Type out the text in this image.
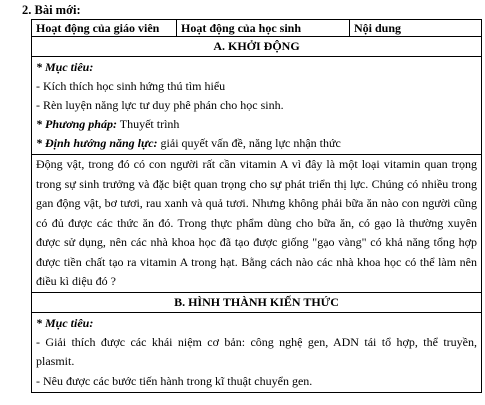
2. Bài mới:
Hoạt động của giáo viên	Hoạt động của học sinh	Nội dung
A. KHỞI ĐỘNG

* Mục tiêu:

- Kích thích học sinh hứng thú tìm hiểu

- Rèn luyện năng lực tư duy phê phán cho học sinh.

* Phương pháp: Thuyết trình

* Định hướng năng lực: giải quyết vấn đề, năng lực nhận thức

Động vật, trong đó có con người rất cần vitamin A vì đây là một loại vitamin quan trọng trong sự sinh trưởng và đặc biệt quan trọng cho sự phát triển thị lực. Chúng có nhiều trong gan động vật, bơ tươi, rau xanh và quả tươi. Nhưng không phải bữa ăn nào con người cũng có đủ được các thức ăn đó. Trong thực phẩm dùng cho bữa ăn, có gạo là thường xuyên được sử dụng, nên các nhà khoa học đã tạo được giống "gạo vàng" có khả năng tổng hợp được tiền chất tạo ra vitamin A trong hạt. Bằng cách nào các nhà khoa học có thể làm nên điều kì diệu đó ?
B. HÌNH THÀNH KIẾN THỨC

* Mục tiêu:

- Giải thích được các khái niệm cơ bản: công nghệ gen, ADN tái tổ hợp, thể truyền, plasmit.

- Nêu được các bước tiến hành trong kĩ thuật chuyển gen.
